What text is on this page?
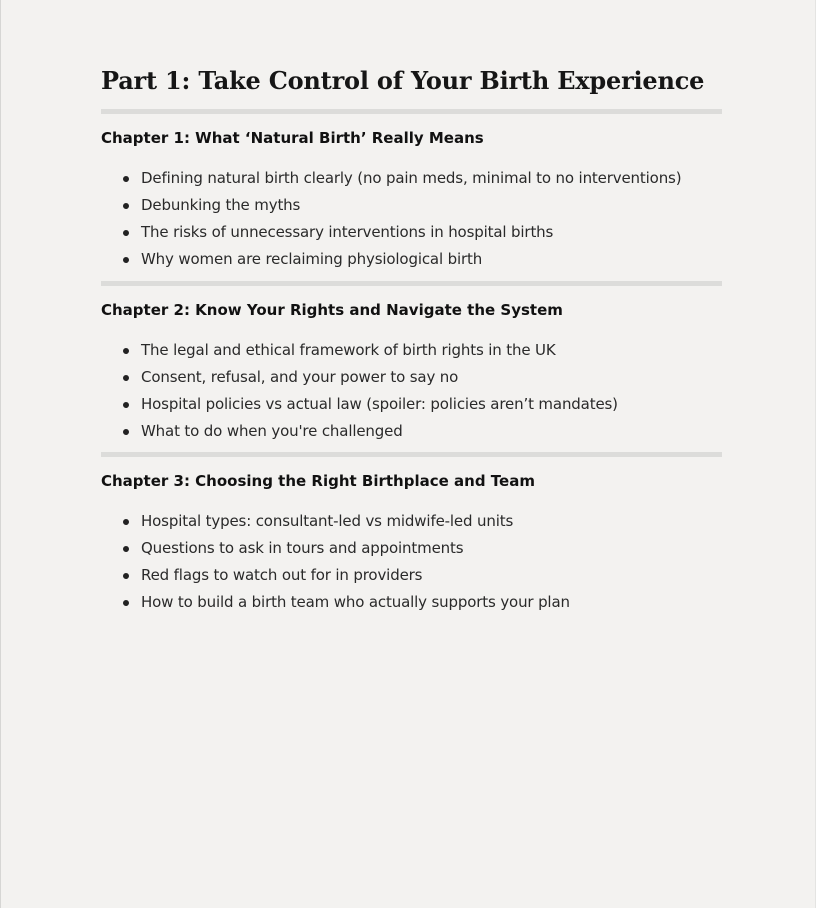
Part 1: Take Control of Your Birth Experience
Chapter 1: What ‘Natural Birth’ Really Means
Defining natural birth clearly (no pain meds, minimal to no interventions)
Debunking the myths
The risks of unnecessary interventions in hospital births
Why women are reclaiming physiological birth
Chapter 2: Know Your Rights and Navigate the System
The legal and ethical framework of birth rights in the UK
Consent, refusal, and your power to say no
Hospital policies vs actual law (spoiler: policies aren’t mandates)
What to do when you're challenged
Chapter 3: Choosing the Right Birthplace and Team
Hospital types: consultant-led vs midwife-led units
Questions to ask in tours and appointments
Red flags to watch out for in providers
How to build a birth team who actually supports your plan
